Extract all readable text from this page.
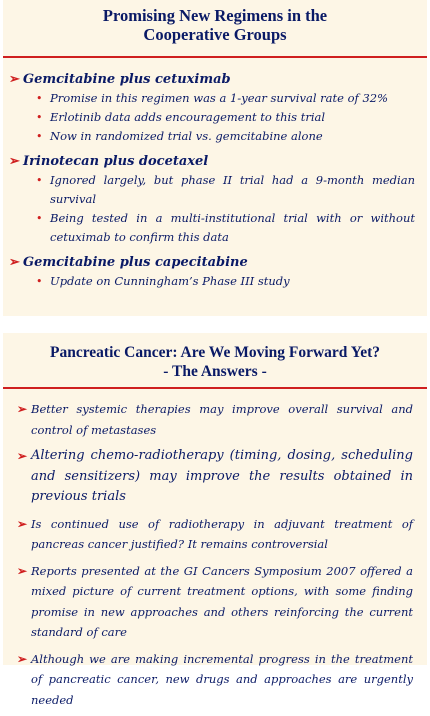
Promising New Regimens in the
Cooperative Groups
➢ Gemcitabine plus cetuximab
• Promise in this regimen was a 1-year survival rate of 32%
• Erlotinib data adds encouragement to this trial
• Now in randomized trial vs. gemcitabine alone
➢ Irinotecan plus docetaxel
• Ignored largely, but phase II trial had a 9-month median survival
• Being tested in a multi-institutional trial with or without cetuximab to confirm this data
➢ Gemcitabine plus capecitabine
• Update on Cunningham’s Phase III study
Pancreatic Cancer: Are We Moving Forward Yet?
- The Answers -
➢ Better systemic therapies may improve overall survival and control of metastases
➢ Altering chemo-radiotherapy (timing, dosing, scheduling and sensitizers) may improve the results obtained in previous trials
➢ Is continued use of radiotherapy in adjuvant treatment of pancreas cancer justified? It remains controversial
➢ Reports presented at the GI Cancers Symposium 2007 offered a mixed picture of current treatment options, with some finding promise in new approaches and others reinforcing the current standard of care
➢ Although we are making incremental progress in the treatment of pancreatic cancer, new drugs and approaches are urgently needed
